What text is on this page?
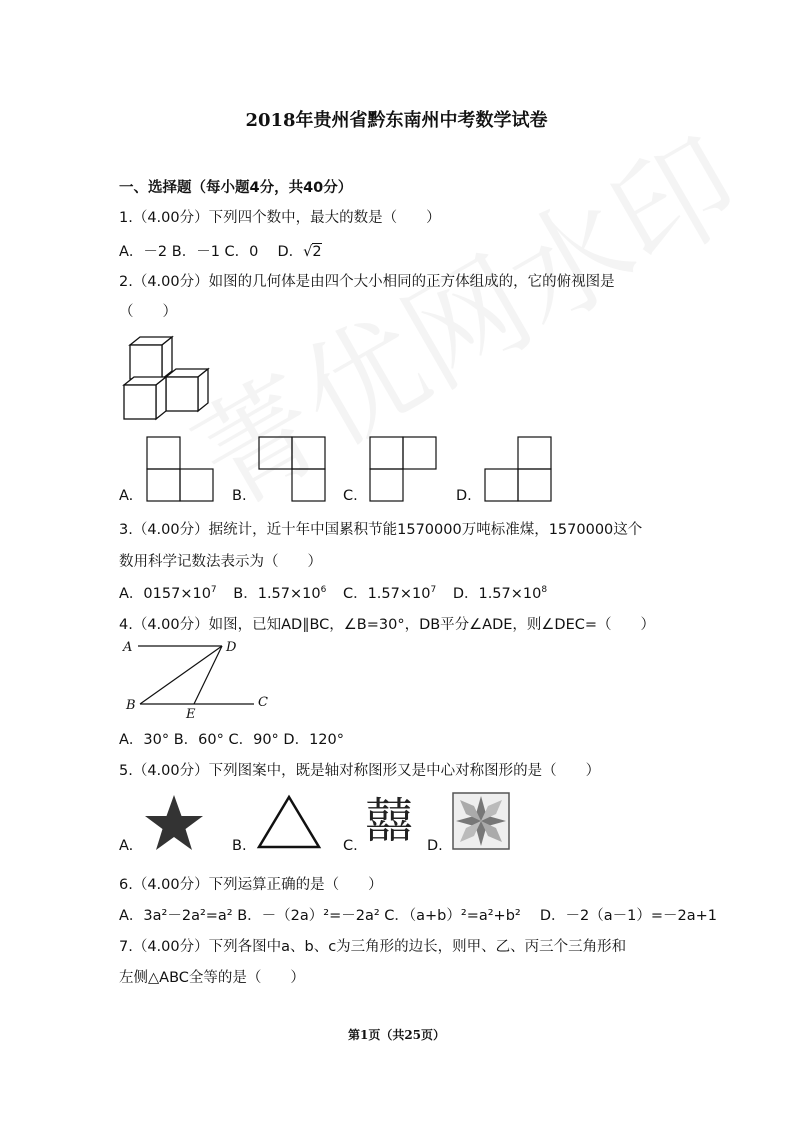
2018年贵州省黔东南州中考数学试卷
一、选择题（每小题4分，共40分）
1.（4.00分）下列四个数中，最大的数是（　　）
A．－2 B．－1 C．0　 D．√2
2.（4.00分）如图的几何体是由四个大小相同的正方体组成的，它的俯视图是
（　　）
A.	B.	C.	D.
3.（4.00分）据统计，近十年中国累积节能1570000万吨标准煤，1570000这个
数用科学记数法表示为（　　）
A．$0157\times 10^7$ B．$1.57\times 10^6$ C．$1.57\times 10^7$ D．$1.57\times 10^8$
4.（4.00分）如图，已知AD∥BC，∠B=30°，DB平分∠ADE，则∠DEC=（　　）
A	D
B
E
C
A．30° B．60° C．90° D．120°
5.（4.00分）下列图案中，既是轴对称图形又是中心对称图形的是（　　）
A.	B.	C. 囍 D.
6.（4.00分）下列运算正确的是（　　）
A．3a²－2a²=a² B．－（2a）²=－2a² C．（a+b）²=a²+b²　 D．－2（a－1）=－2a+1
7.（4.00分）下列各图中a、b、c为三角形的边长，则甲、乙、丙三个三角形和
左侧△ABC全等的是（　　）
第1页（共25页）
